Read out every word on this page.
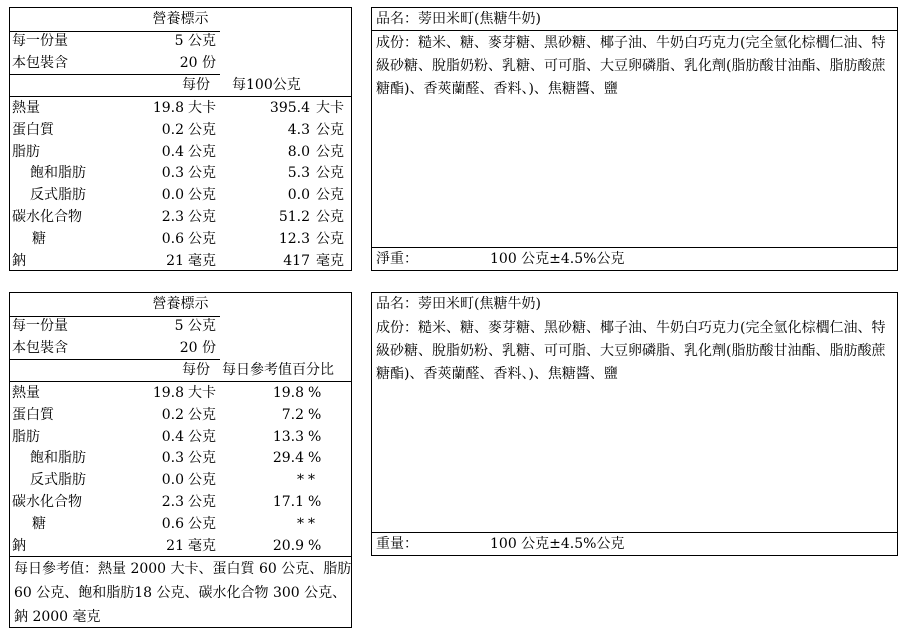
營養標示
每一份量	5 公克
本包裝含	20 份
每份 每100公克
熱量	19.8 大卡	395.4 大卡
蛋白質	0.2 公克	4.3 公克
脂肪	0.4 公克	8.0 公克
飽和脂肪	0.3 公克	5.3 公克
反式脂肪	0.0 公克	0.0 公克
碳水化合物	2.3 公克	51.2 公克
糖	0.6 公克	12.3 公克
鈉	21 毫克	417 毫克
品名：蒡田米町(焦糖牛奶)
成份：糙米、糖、麥芽糖、黑砂糖、椰子油、牛奶白巧克力(完全氫化棕櫚仁油、特級砂糖、脫脂奶粉、乳糖、可可脂、大豆卵磷脂、乳化劑(脂肪酸甘油酯、脂肪酸蔗糖酯)、香莢蘭醛、香料、)、焦糖醬、鹽
淨重：	100 公克±4.5%公克
營養標示
每一份量	5 公克
本包裝含	20 份
每份 每日參考值百分比
熱量	19.8 大卡	19.8 %
蛋白質	0.2 公克	7.2 %
脂肪	0.4 公克	13.3 %
飽和脂肪	0.3 公克	29.4 %
反式脂肪	0.0 公克	* *
碳水化合物	2.3 公克	17.1 %
糖	0.6 公克	* *
鈉	21 毫克	20.9 %
每日參考值：熱量 2000 大卡、蛋白質 60 公克、脂肪 60 公克、飽和脂肪18 公克、碳水化合物 300 公克、鈉 2000 毫克
品名：蒡田米町(焦糖牛奶)
成份：糙米、糖、麥芽糖、黑砂糖、椰子油、牛奶白巧克力(完全氫化棕櫚仁油、特級砂糖、脫脂奶粉、乳糖、可可脂、大豆卵磷脂、乳化劑(脂肪酸甘油酯、脂肪酸蔗糖酯)、香莢蘭醛、香料、)、焦糖醬、鹽
重量：	100 公克±4.5%公克
